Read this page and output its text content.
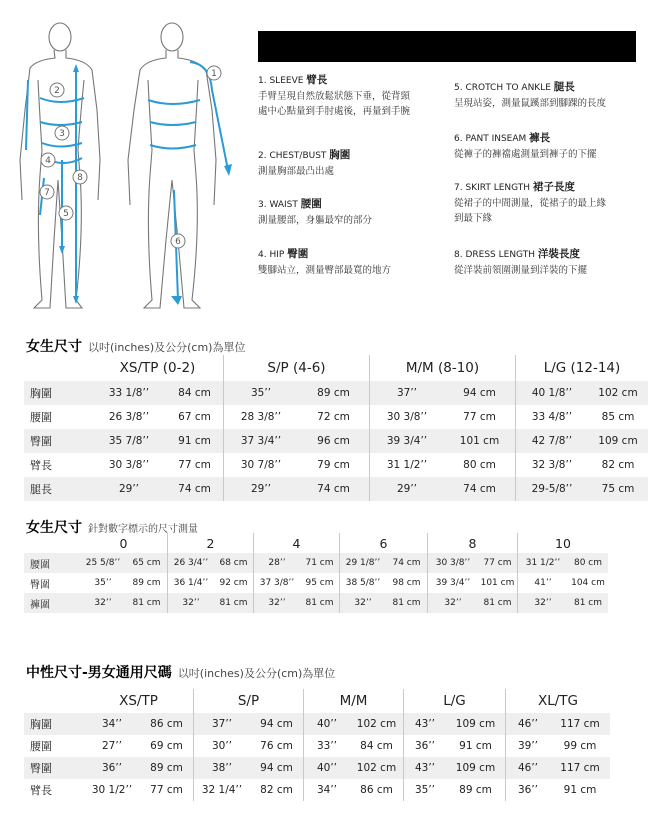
1
2
3
4
5
6
7
8
1. SLEEVE 臂長
手臂呈現自然放鬆狀態下垂，從背頸
處中心點量到手肘處後，再量到手腕
2. CHEST/BUST 胸圍
測量胸部最凸出處
3. WAIST 腰圍
測量腰部，身軀最窄的部分
4. HIP 臀圍
雙腳站立，測量臀部最寬的地方
5. CROTCH TO ANKLE 腿長
呈現站姿，測量鼠蹊部到腳踝的長度
6. PANT INSEAM 褲長
從褲子的褲襠處測量到褲子的下擺
7. SKIRT LENGTH 裙子長度
從裙子的中間測量，從裙子的最上緣
到最下緣
8. DRESS LENGTH 洋裝長度
從洋裝前領圍測量到洋裝的下擺
女生尺寸 以吋(inches)及公分(cm)為單位
	XS/TP (0-2)		S/P (4-6)		M/M (8-10)		L/G (12-14)	
胸圍	33 1/8’’	84 cm	35’’	89 cm	37’’	94 cm	40 1/8’’	102 cm
腰圍	26 3/8’’	67 cm	28 3/8’’	72 cm	30 3/8’’	77 cm	33 4/8’’	85 cm
臀圍	35 7/8’’	91 cm	37 3/4’’	96 cm	39 3/4’’	101 cm	42 7/8’’	109 cm
臂長	30 3/8’’	77 cm	30 7/8’’	79 cm	31 1/2’’	80 cm	32 3/8’’	82 cm
腿長	29’’	74 cm	29’’	74 cm	29’’	74 cm	29-5/8’’	75 cm
女生尺寸 針對數字標示的尺寸測量
	0		2		4		6		8		10	
腰圍	25 5/8’’	65 cm	26 3/4’’	68 cm	28’’	71 cm	29 1/8’’	74 cm	30 3/8’’	77 cm	31 1/2’’	80 cm
臀圍	35’’	89 cm	36 1/4’’	92 cm	37 3/8’’	95 cm	38 5/8’’	98 cm	39 3/4’’	101 cm	41’’	104 cm
褲圍	32’’	81 cm	32’’	81 cm	32’’	81 cm	32’’	81 cm	32’’	81 cm	32’’	81 cm
中性尺寸-男女通用尺碼 以吋(inches)及公分(cm)為單位
	XS/TP		S/P		M/M		L/G		XL/TG	
胸圍	34’’	86 cm	37’’	94 cm	40’’	102 cm	43’’	109 cm	46’’	117 cm
腰圍	27’’	69 cm	30’’	76 cm	33’’	84 cm	36’’	91 cm	39’’	99 cm
臀圍	36’’	89 cm	38’’	94 cm	40’’	102 cm	43’’	109 cm	46’’	117 cm
臂長	30 1/2’’	77 cm	32 1/4’’	82 cm	34’’	86 cm	35’’	89 cm	36’’	91 cm
